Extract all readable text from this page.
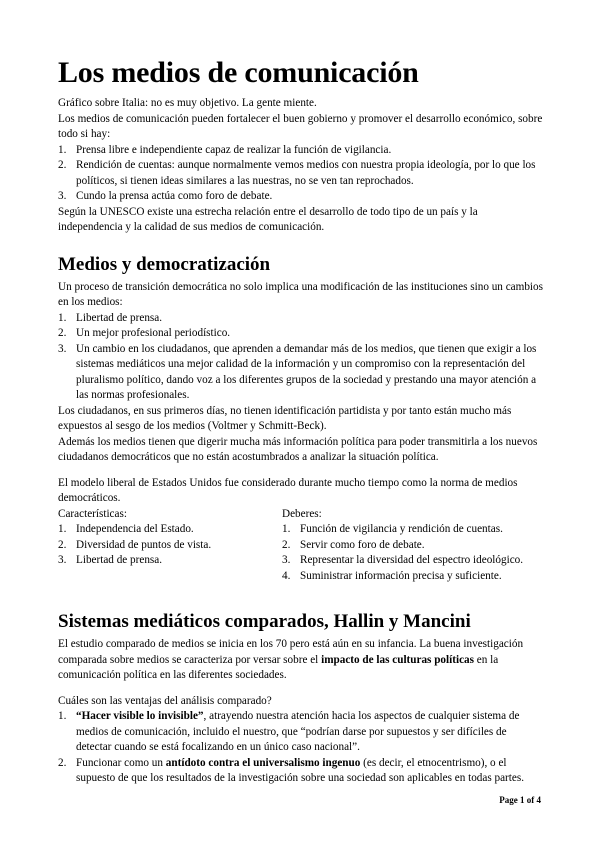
Los medios de comunicación

Gráfico sobre Italia: no es muy objetivo. La gente miente.

Los medios de comunicación pueden fortalecer el buen gobierno y promover el desarrollo económico, sobre todo si hay:

1. Prensa libre e independiente capaz de realizar la función de vigilancia.
2. Rendición de cuentas: aunque normalmente vemos medios con nuestra propia ideología, por lo que los políticos, si tienen ideas similares a las nuestras, no se ven tan reprochados.
3. Cundo la prensa actúa como foro de debate.

Según la UNESCO existe una estrecha relación entre el desarrollo de todo tipo de un país y la independencia y la calidad de sus medios de comunicación.

Medios y democratización

Un proceso de transición democrática no solo implica una modificación de las instituciones sino un cambios en los medios:

1. Libertad de prensa.
2. Un mejor profesional periodístico.
3. Un cambio en los ciudadanos, que aprenden a demandar más de los medios, que tienen que exigir a los sistemas mediáticos una mejor calidad de la información y un compromiso con la representación del pluralismo político, dando voz a los diferentes grupos de la sociedad y prestando una mayor atención a las normas profesionales.

Los ciudadanos, en sus primeros días, no tienen identificación partidista y por tanto están mucho más expuestos al sesgo de los medios (Voltmer y Schmitt-Beck).

Además los medios tienen que digerir mucha más información política para poder transmitirla a los nuevos ciudadanos democráticos que no están acostumbrados a analizar la situación política.

El modelo liberal de Estados Unidos fue considerado durante mucho tiempo como la norma de medios democráticos.

Características:

1. Independencia del Estado.
2. Diversidad de puntos de vista.
3. Libertad de prensa.

Deberes:

1. Función de vigilancia y rendición de cuentas.
2. Servir como foro de debate.
3. Representar la diversidad del espectro ideológico.
4. Suministrar información precisa y suficiente.
Sistemas mediáticos comparados, Hallin y Mancini

El estudio comparado de medios se inicia en los 70 pero está aún en su infancia. La buena investigación comparada sobre medios se caracteriza por versar sobre el impacto de las culturas políticas en la comunicación política en las diferentes sociedades.

Cuáles son las ventajas del análisis comparado?

1. “Hacer visible lo invisible”, atrayendo nuestra atención hacia los aspectos de cualquier sistema de medios de comunicación, incluido el nuestro, que “podrían darse por supuestos y ser difíciles de detectar cuando se está focalizando en un único caso nacional”.
2. Funcionar como un antídoto contra el universalismo ingenuo (es decir, el etnocentrismo), o el supuesto de que los resultados de la investigación sobre una sociedad son aplicables en todas partes.
Page 1 of 4
